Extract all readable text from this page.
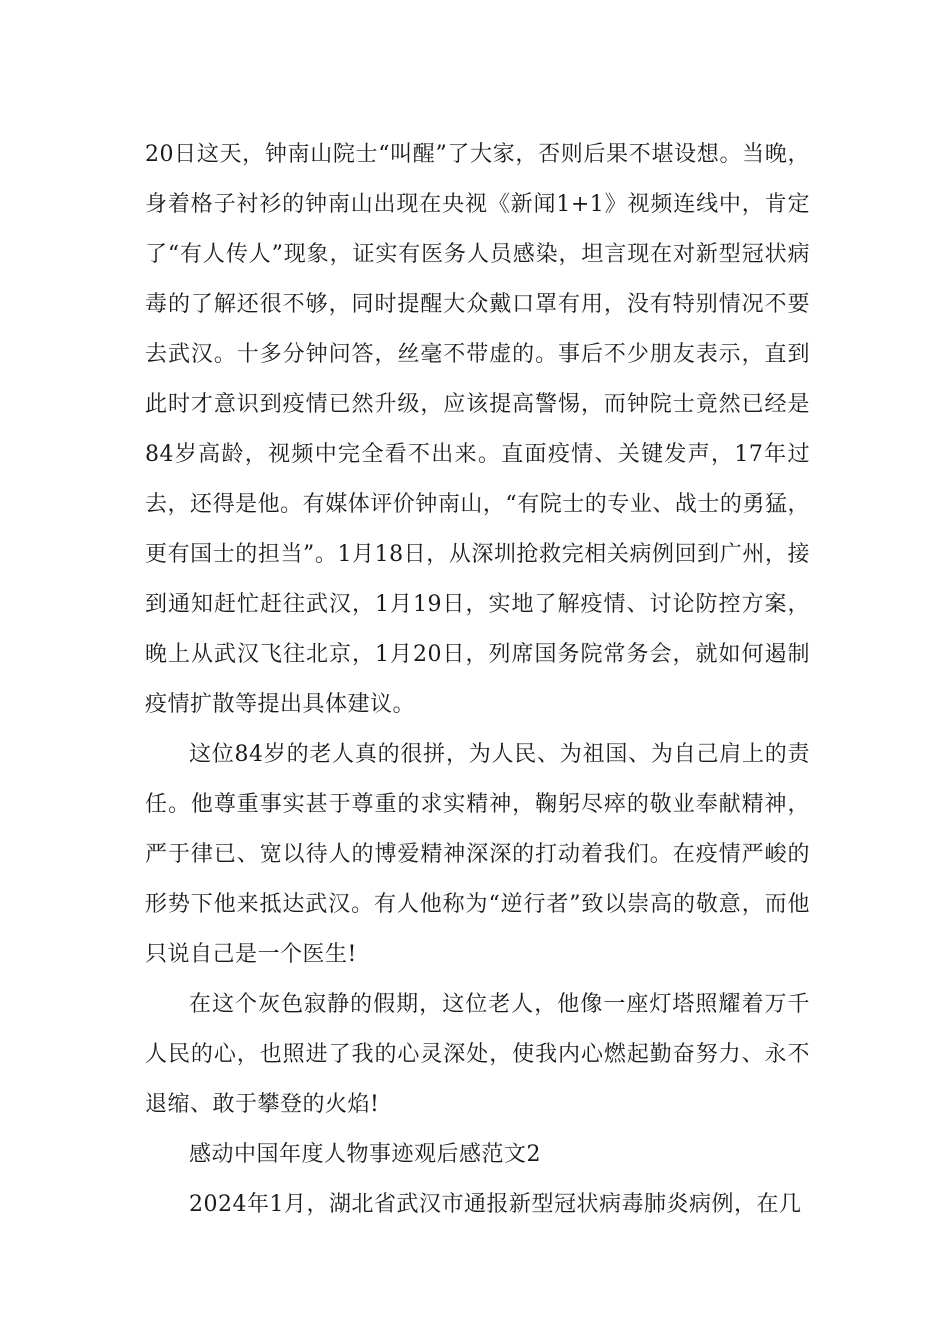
20日这天，钟南山院士“叫醒”了大家，否则后果不堪设想。当晚，身着格子衬衫的钟南山出现在央视《新闻1+1》视频连线中，肯定了“有人传人”现象，证实有医务人员感染，坦言现在对新型冠状病毒的了解还很不够，同时提醒大众戴口罩有用，没有特别情况不要去武汉。十多分钟问答，丝毫不带虚的。事后不少朋友表示，直到此时才意识到疫情已然升级，应该提高警惕，而钟院士竟然已经是84岁高龄，视频中完全看不出来。直面疫情、关键发声，17年过去，还得是他。有媒体评价钟南山，“有院士的专业、战士的勇猛，更有国士的担当”。1月18日，从深圳抢救完相关病例回到广州，接到通知赶忙赶往武汉，1月19日，实地了解疫情、讨论防控方案，晚上从武汉飞往北京，1月20日，列席国务院常务会，就如何遏制疫情扩散等提出具体建议。

这位84岁的老人真的很拼，为人民、为祖国、为自己肩上的责任。他尊重事实甚于尊重的求实精神，鞠躬尽瘁的敬业奉献精神，严于律已、宽以待人的博爱精神深深的打动着我们。在疫情严峻的形势下他来抵达武汉。有人他称为“逆行者”致以崇高的敬意，而他只说自己是一个医生!

在这个灰色寂静的假期，这位老人，他像一座灯塔照耀着万千人民的心，也照进了我的心灵深处，使我内心燃起勤奋努力、永不退缩、敢于攀登的火焰!

感动中国年度人物事迹观后感范文2

2024年1月，湖北省武汉市通报新型冠状病毒肺炎病例，在几
